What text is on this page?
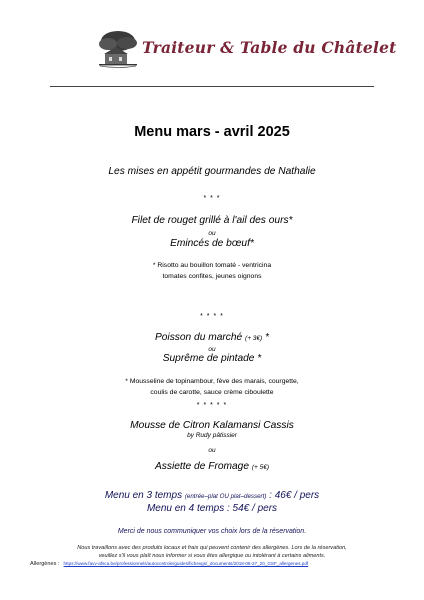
Traiteur & Table du Châtelet
Menu mars - avril 2025
Les mises en appétit gourmandes de Nathalie
* * *
Filet de rouget grillé à l'ail des ours*
ou
Emincés de bœuf*
* Risotto au bouillon tomaté - ventricina
tomates confites, jeunes oignons
* * * *
Poisson du marché (+ 3€) *
ou
Suprême de pintade *
* Mousseline de topinambour, fève des marais, courgette,
coulis de carotte, sauce crème ciboulette
* * * * *
Mousse de Citron Kalamansi Cassis
by Rudy pâtissier
ou
Assiette de Fromage (+ 5€)
Menu en 3 temps (entrée–plat OU plat–dessert) : 46€ / pers
Menu en 4 temps : 54€ / pers
Merci de nous communiquer vos choix lors de la réservation.
Nous travaillons avec des produits locaux et frais qui peuvent contenir des allergènes. Lors de la réservation,
veuillez s'il vous plaît nous informer si vous êtes allergique ou intolérant à certains aliments.
Allergènes : https://www.favv-afsca.be/professionnels/autocontrole/guides/fichevgs/_documents/2018-08-27_20_GSF_allergenes.pdf
